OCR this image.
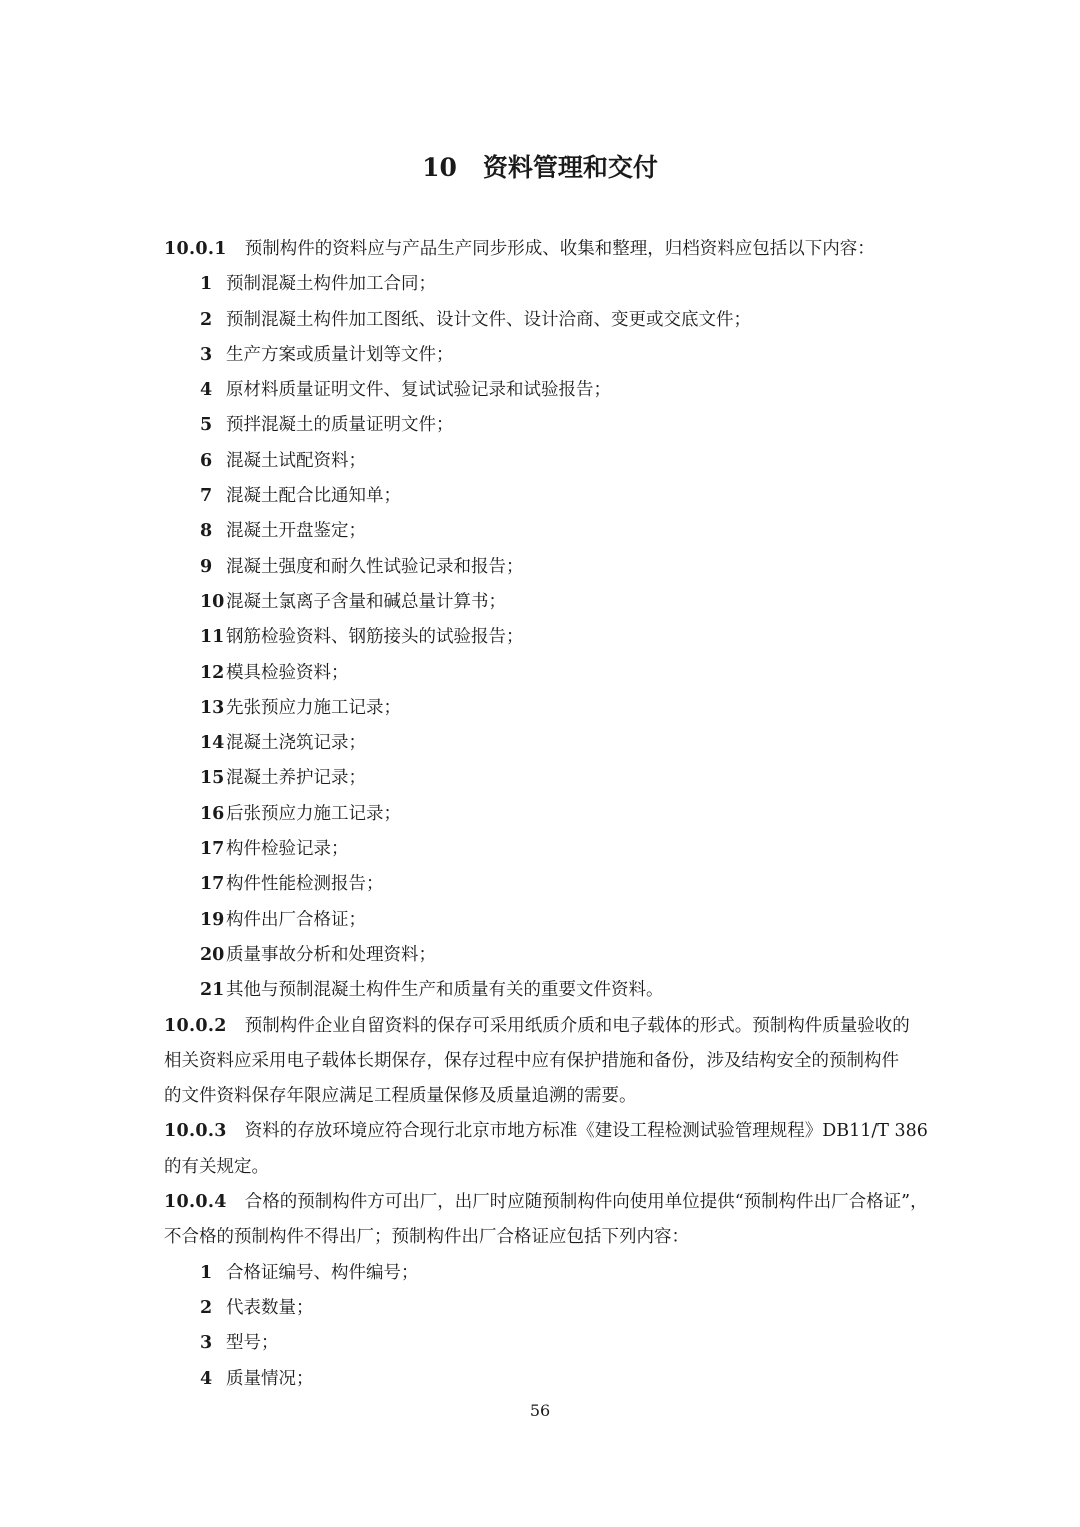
10 资料管理和交付
10.0.1 预制构件的资料应与产品生产同步形成、收集和整理，归档资料应包括以下内容：
1 预制混凝土构件加工合同；
2 预制混凝土构件加工图纸、设计文件、设计洽商、变更或交底文件；
3 生产方案或质量计划等文件；
4 原材料质量证明文件、复试试验记录和试验报告；
5 预拌混凝土的质量证明文件；
6 混凝土试配资料；
7 混凝土配合比通知单；
8 混凝土开盘鉴定；
9 混凝土强度和耐久性试验记录和报告；
10混凝土氯离子含量和碱总量计算书；
11钢筋检验资料、钢筋接头的试验报告；
12模具检验资料；
13先张预应力施工记录；
14混凝土浇筑记录；
15混凝土养护记录；
16后张预应力施工记录；
17构件检验记录；
17构件性能检测报告；
19构件出厂合格证；
20质量事故分析和处理资料；
21其他与预制混凝土构件生产和质量有关的重要文件资料。
10.0.2 预制构件企业自留资料的保存可采用纸质介质和电子载体的形式。预制构件质量验收的
相关资料应采用电子载体长期保存，保存过程中应有保护措施和备份，涉及结构安全的预制构件
的文件资料保存年限应满足工程质量保修及质量追溯的需要。
10.0.3 资料的存放环境应符合现行北京市地方标准《建设工程检测试验管理规程》DB11/T 386
的有关规定。
10.0.4 合格的预制构件方可出厂，出厂时应随预制构件向使用单位提供“预制构件出厂合格证”，
不合格的预制构件不得出厂；预制构件出厂合格证应包括下列内容：
1 合格证编号、构件编号；
2 代表数量；
3 型号；
4 质量情况；
56
